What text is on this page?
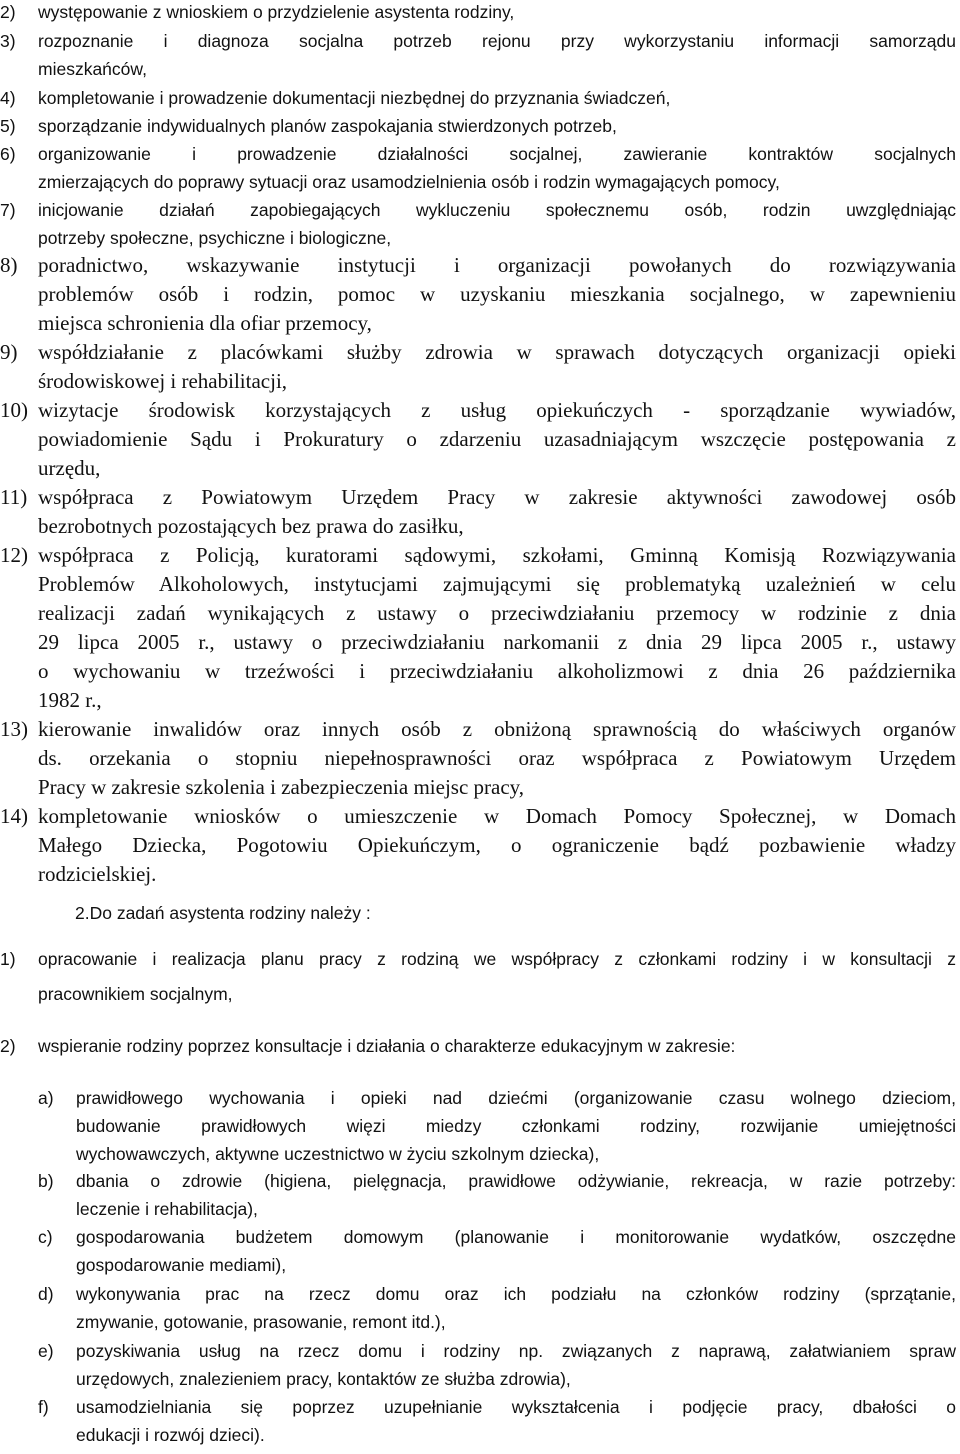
2) występowanie z wnioskiem o przydzielenie asystenta rodziny,
3) rozpoznanie i diagnoza socjalna potrzeb rejonu przy wykorzystaniu informacji samorządu
mieszkańców,
4) kompletowanie i prowadzenie dokumentacji niezbędnej do przyznania świadczeń,
5) sporządzanie indywidualnych planów zaspokajania stwierdzonych potrzeb,
6) organizowanie i prowadzenie działalności socjalnej, zawieranie kontraktów socjalnych
zmierzających do poprawy sytuacji oraz usamodzielnienia osób i rodzin wymagających pomocy,
7) inicjowanie działań zapobiegających wykluczeniu społecznemu osób, rodzin uwzględniając
potrzeby społeczne, psychiczne i biologiczne,
8) poradnictwo, wskazywanie instytucji i organizacji powołanych do rozwiązywania
problemów osób i rodzin, pomoc w uzyskaniu mieszkania socjalnego, w zapewnieniu
miejsca schronienia dla ofiar przemocy,
9) współdziałanie z placówkami służby zdrowia w sprawach dotyczących organizacji opieki
środowiskowej i rehabilitacji,
10) wizytacje środowisk korzystających z usług opiekuńczych - sporządzanie wywiadów,
powiadomienie Sądu i Prokuratury o zdarzeniu uzasadniającym wszczęcie postępowania z
urzędu,
11) współpraca z Powiatowym Urzędem Pracy w zakresie aktywności zawodowej osób
bezrobotnych pozostających bez prawa do zasiłku,
12) współpraca z Policją, kuratorami sądowymi, szkołami, Gminną Komisją Rozwiązywania
Problemów Alkoholowych, instytucjami zajmującymi się problematyką uzależnień w celu
realizacji zadań wynikających z ustawy o przeciwdziałaniu przemocy w rodzinie z dnia
29 lipca 2005 r., ustawy o przeciwdziałaniu narkomanii z dnia 29 lipca 2005 r., ustawy
o wychowaniu w trzeźwości i przeciwdziałaniu alkoholizmowi z dnia 26 października
1982 r.,
13) kierowanie inwalidów oraz innych osób z obniżoną sprawnością do właściwych organów
ds. orzekania o stopniu niepełnosprawności oraz współpraca z Powiatowym Urzędem
Pracy w zakresie szkolenia i zabezpieczenia miejsc pracy,
14) kompletowanie wniosków o umieszczenie w Domach Pomocy Społecznej, w Domach
Małego Dziecka, Pogotowiu Opiekuńczym, o ograniczenie bądź pozbawienie władzy
rodzicielskiej.
2.Do zadań asystenta rodziny należy :
1) opracowanie i realizacja planu pracy z rodziną we współpracy z członkami rodziny i w konsultacji z
pracownikiem socjalnym,
2) wspieranie rodziny poprzez konsultacje i działania o charakterze edukacyjnym w zakresie:
a) prawidłowego wychowania i opieki nad dziećmi (organizowanie czasu wolnego dzieciom,
budowanie prawidłowych więzi miedzy członkami rodziny, rozwijanie umiejętności
wychowawczych, aktywne uczestnictwo w życiu szkolnym dziecka),
b) dbania o zdrowie (higiena, pielęgnacja, prawidłowe odżywianie, rekreacja, w razie potrzeby:
leczenie i rehabilitacja),
c) gospodarowania budżetem domowym (planowanie i monitorowanie wydatków, oszczędne
gospodarowanie mediami),
d) wykonywania prac na rzecz domu oraz ich podziału na członków rodziny (sprzątanie,
zmywanie, gotowanie, prasowanie, remont itd.),
e) pozyskiwania usług na rzecz domu i rodziny np. związanych z naprawą, załatwianiem spraw
urzędowych, znalezieniem pracy, kontaktów ze służba zdrowia),
f) usamodzielniania się poprzez uzupełnianie wykształcenia i podjęcie pracy, dbałości o
edukacji i rozwój dzieci).
